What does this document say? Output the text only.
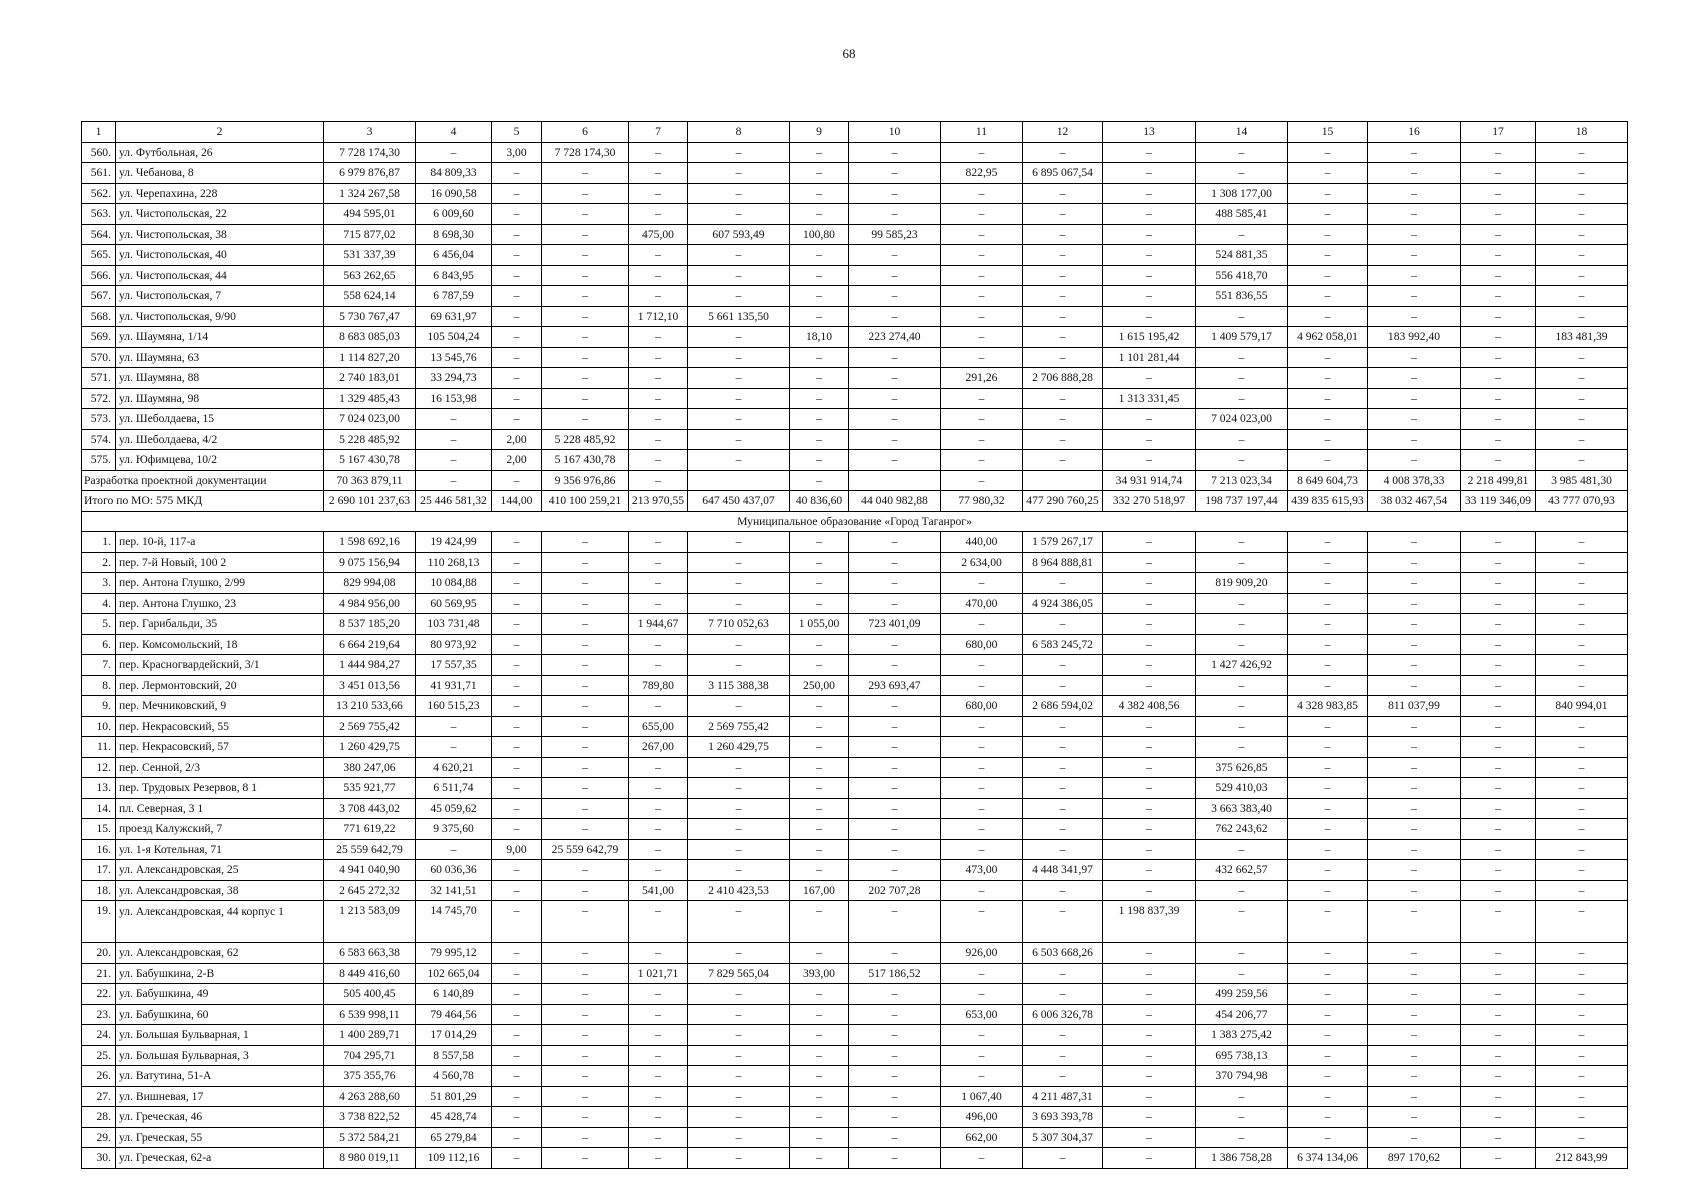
68
1	2	3	4	5	6	7	8	9	10	11	12	13	14	15	16	17	18
560.	ул. Футбольная, 26	7 728 174,30	–	3,00	7 728 174,30	–	–	–	–	–	–	–	–	–	–	–	–
561.	ул. Чебанова, 8	6 979 876,87	84 809,33	–	–	–	–	–	–	822,95	6 895 067,54	–	–	–	–	–	–
562.	ул. Черепахина, 228	1 324 267,58	16 090,58	–	–	–	–	–	–	–	–	–	1 308 177,00	–	–	–	–
563.	ул. Чистопольская, 22	494 595,01	6 009,60	–	–	–	–	–	–	–	–	–	488 585,41	–	–	–	–
564.	ул. Чистопольская, 38	715 877,02	8 698,30	–	–	475,00	607 593,49	100,80	99 585,23	–	–	–	–	–	–	–	–
565.	ул. Чистопольская, 40	531 337,39	6 456,04	–	–	–	–	–	–	–	–	–	524 881,35	–	–	–	–
566.	ул. Чистопольская, 44	563 262,65	6 843,95	–	–	–	–	–	–	–	–	–	556 418,70	–	–	–	–
567.	ул. Чистопольская, 7	558 624,14	6 787,59	–	–	–	–	–	–	–	–	–	551 836,55	–	–	–	–
568.	ул. Чистопольская, 9/90	5 730 767,47	69 631,97	–	–	1 712,10	5 661 135,50	–	–	–	–	–	–	–	–	–	–
569.	ул. Шаумяна, 1/14	8 683 085,03	105 504,24	–	–	–	–	18,10	223 274,40	–	–	1 615 195,42	1 409 579,17	4 962 058,01	183 992,40	–	183 481,39
570.	ул. Шаумяна, 63	1 114 827,20	13 545,76	–	–	–	–	–	–	–	–	1 101 281,44	–	–	–	–	–
571.	ул. Шаумяна, 88	2 740 183,01	33 294,73	–	–	–	–	–	–	291,26	2 706 888,28	–	–	–	–	–	–
572.	ул. Шаумяна, 98	1 329 485,43	16 153,98	–	–	–	–	–	–	–	–	1 313 331,45	–	–	–	–	–
573.	ул. Шеболдаева, 15	7 024 023,00	–	–	–	–	–	–	–	–	–	–	7 024 023,00	–	–	–	–
574.	ул. Шеболдаева, 4/2	5 228 485,92	–	2,00	5 228 485,92	–	–	–	–	–	–	–	–	–	–	–	–
575.	ул. Юфимцева, 10/2	5 167 430,78	–	2,00	5 167 430,78	–	–	–	–	–	–	–	–	–	–	–	–
Разработка проектной документации		70 363 879,11	–	–	9 356 976,86	–		–		–		34 931 914,74	7 213 023,34	8 649 604,73	4 008 378,33	2 218 499,81	3 985 481,30
Итого по МО: 575 МКД		2 690 101 237,63	25 446 581,32	144,00	410 100 259,21	213 970,55	647 450 437,07	40 836,60	44 040 982,88	77 980,32	477 290 760,25	332 270 518,97	198 737 197,44	439 835 615,93	38 032 467,54	33 119 346,09	43 777 070,93
Муниципальное образование «Город Таганрог»																	
1.	пер. 10-й, 117-а	1 598 692,16	19 424,99	–	–	–	–	–	–	440,00	1 579 267,17	–	–	–	–	–	–
2.	пер. 7-й Новый, 100 2	9 075 156,94	110 268,13	–	–	–	–	–	–	2 634,00	8 964 888,81	–	–	–	–	–	–
3.	пер. Антона Глушко, 2/99	829 994,08	10 084,88	–	–	–	–	–	–	–	–	–	819 909,20	–	–	–	–
4.	пер. Антона Глушко, 23	4 984 956,00	60 569,95	–	–	–	–	–	–	470,00	4 924 386,05	–	–	–	–	–	–
5.	пер. Гарибальди, 35	8 537 185,20	103 731,48	–	–	1 944,67	7 710 052,63	1 055,00	723 401,09	–	–	–	–	–	–	–	–
6.	пер. Комсомольский, 18	6 664 219,64	80 973,92	–	–	–	–	–	–	680,00	6 583 245,72	–	–	–	–	–	–
7.	пер. Красногвардейский, 3/1	1 444 984,27	17 557,35	–	–	–	–	–	–	–	–	–	1 427 426,92	–	–	–	–
8.	пер. Лермонтовский, 20	3 451 013,56	41 931,71	–	–	789,80	3 115 388,38	250,00	293 693,47	–	–	–	–	–	–	–	–
9.	пер. Мечниковский, 9	13 210 533,66	160 515,23	–	–	–	–	–	–	680,00	2 686 594,02	4 382 408,56	–	4 328 983,85	811 037,99	–	840 994,01
10.	пер. Некрасовский, 55	2 569 755,42	–	–	–	655,00	2 569 755,42	–	–	–	–	–	–	–	–	–	–
11.	пер. Некрасовский, 57	1 260 429,75	–	–	–	267,00	1 260 429,75	–	–	–	–	–	–	–	–	–	–
12.	пер. Сенной, 2/3	380 247,06	4 620,21	–	–	–	–	–	–	–	–	–	375 626,85	–	–	–	–
13.	пер. Трудовых Резервов, 8 1	535 921,77	6 511,74	–	–	–	–	–	–	–	–	–	529 410,03	–	–	–	–
14.	пл. Северная, 3 1	3 708 443,02	45 059,62	–	–	–	–	–	–	–	–	–	3 663 383,40	–	–	–	–
15.	проезд Калужский, 7	771 619,22	9 375,60	–	–	–	–	–	–	–	–	–	762 243,62	–	–	–	–
16.	ул. 1-я Котельная, 71	25 559 642,79	–	9,00	25 559 642,79	–	–	–	–	–	–	–	–	–	–	–	–
17.	ул. Александровская, 25	4 941 040,90	60 036,36	–	–	–	–	–	–	473,00	4 448 341,97	–	432 662,57	–	–	–	–
18.	ул. Александровская, 38	2 645 272,32	32 141,51	–	–	541,00	2 410 423,53	167,00	202 707,28	–	–	–	–	–	–	–	–
19.	ул. Александровская, 44 корпус 1	1 213 583,09	14 745,70	–	–	–	–	–	–	–	–	1 198 837,39	–	–	–	–	–
20.	ул. Александровская, 62	6 583 663,38	79 995,12	–	–	–	–	–	–	926,00	6 503 668,26	–	–	–	–	–	–
21.	ул. Бабушкина, 2-В	8 449 416,60	102 665,04	–	–	1 021,71	7 829 565,04	393,00	517 186,52	–	–	–	–	–	–	–	–
22.	ул. Бабушкина, 49	505 400,45	6 140,89	–	–	–	–	–	–	–	–	–	499 259,56	–	–	–	–
23.	ул. Бабушкина, 60	6 539 998,11	79 464,56	–	–	–	–	–	–	653,00	6 006 326,78	–	454 206,77	–	–	–	–
24.	ул. Большая Бульварная, 1	1 400 289,71	17 014,29	–	–	–	–	–	–	–	–	–	1 383 275,42	–	–	–	–
25.	ул. Большая Бульварная, 3	704 295,71	8 557,58	–	–	–	–	–	–	–	–	–	695 738,13	–	–	–	–
26.	ул. Ватутина, 51-А	375 355,76	4 560,78	–	–	–	–	–	–	–	–	–	370 794,98	–	–	–	–
27.	ул. Вишневая, 17	4 263 288,60	51 801,29	–	–	–	–	–	–	1 067,40	4 211 487,31	–	–	–	–	–	–
28.	ул. Греческая, 46	3 738 822,52	45 428,74	–	–	–	–	–	–	496,00	3 693 393,78	–	–	–	–	–	–
29.	ул. Греческая, 55	5 372 584,21	65 279,84	–	–	–	–	–	–	662,00	5 307 304,37	–	–	–	–	–	–
30.	ул. Греческая, 62-а	8 980 019,11	109 112,16	–	–	–	–	–	–	–	–	–	1 386 758,28	6 374 134,06	897 170,62	–	212 843,99
